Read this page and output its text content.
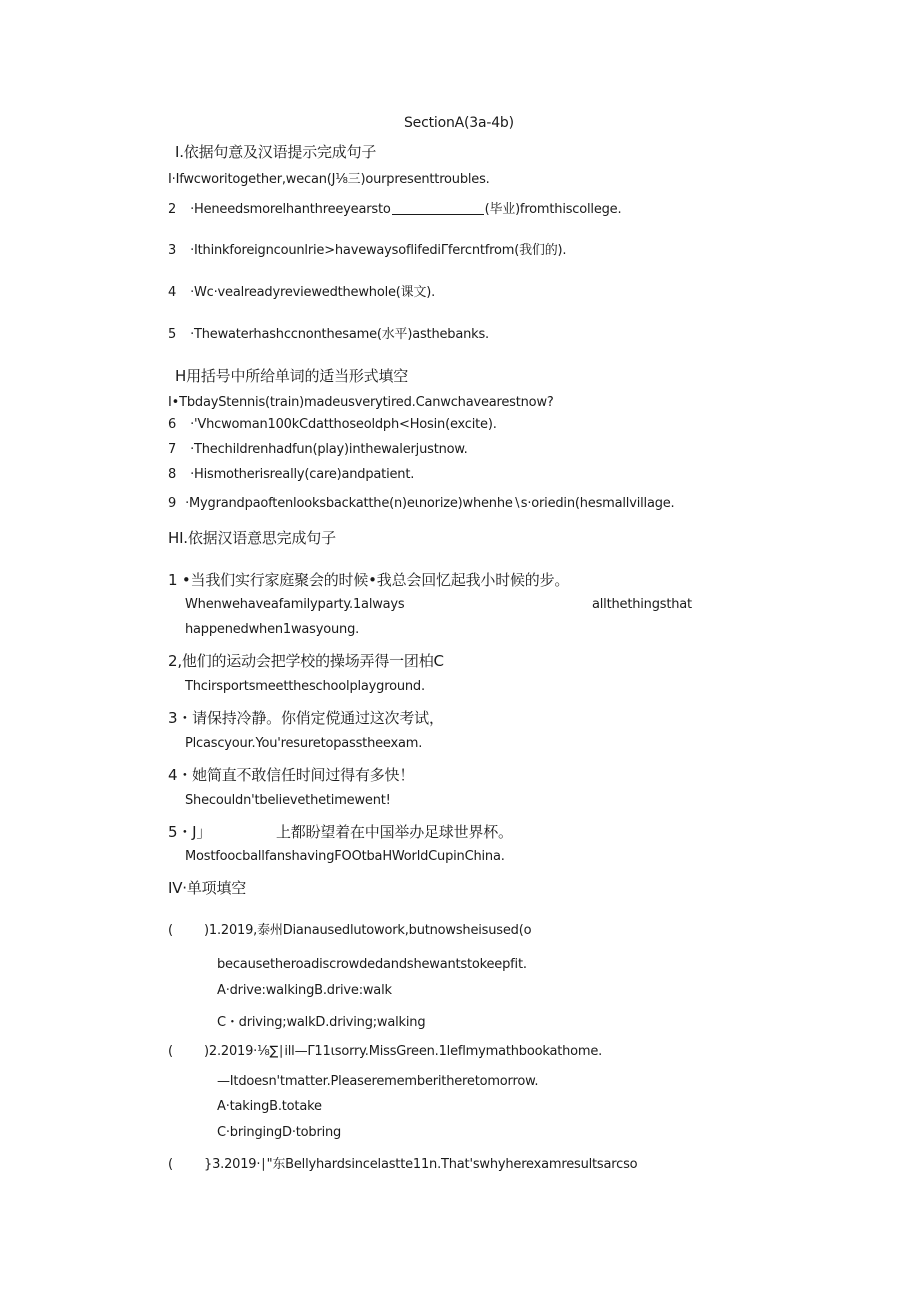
SectionA(3a-4b)
I.依据句意及汉语提示完成句子
I·Ifwcworitogether,wecan(J⅛三)ourpresenttroubles.
2 ·Heneedsmorelhanthreeyearsto	(毕业)fromthiscollege.
3 ·Ithinkforeigncounlrie>havewaysoflifediΓfercntfrom(我们的).
4 ·Wc·vealreadyreviewedthewhole(课文).
5 ·Thewaterhashccnonthesame(水平)asthebanks.
H用括号中所给单词的适当形式填空
I•TbdayStennis(train)madeusverytired.Canwchavearestnow?
6 ·'Vhcwoman100kCdatthoseoldph<Hosin(excite).
7 ·Thechildrenhadfun(play)inthewalerjustnow.
8 ·Hismotherisreally(care)andpatient.
9 ·Mygrandpaoftenlooksbackatthe(n)eιnorize)whenhe∖s·oriedin(hesmallvillage.
HI.依据汉语意思完成句子
1 •当我们实行家庭聚会的时候•我总会回忆起我小时候的步。
Whenwehaveafamilyparty.1always	allthethingsthat
happenedwhen1wasyoung.
2,他们的运动会把学校的操场弄得一团柏C
Thcirsportsmeettheschoolplayground.
3・请保持冷静。你俏定傥通过这次考试，
Plcascyour.You'resuretopasstheexam.
4・她简直不敢信任时间过得有多快！
Shecouldn'tbelievethetimewent!
5・J」	上都盼望着在中国举办足球世界杯。
MostfoocballfanshavingFOOtbaHWorldCupinChina.
IV·单项填空
( )1.2019,泰州Dianausedlutowork,butnowsheisused(o
becausetheroadiscrowdedandshewantstokeepfit.
A·drive:walkingB.drive:walk
C・driving;walkD.driving;walking
( )2.2019·⅛∑∣ill—Γ11ιsorry.MissGreen.1leflmymathbookathome.
—Itdoesn'tmatter.Pleaserememberitheretomorrow.
A·takingB.totake
C·bringingD·tobring
( }3.2019·∣"东Bellyhardsincelastte11n.That'swhyherexamresultsarcso
